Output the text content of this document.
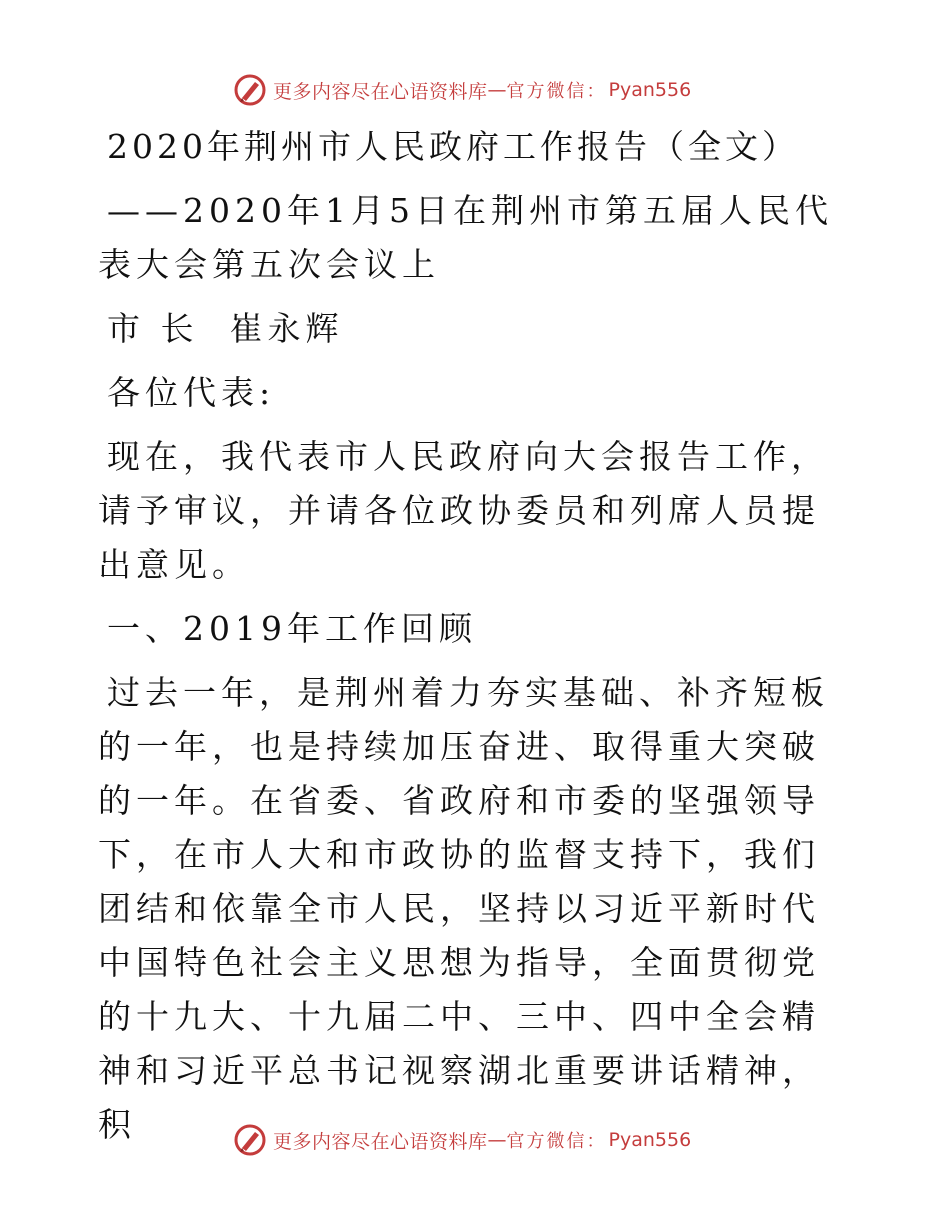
更多内容尽在心语资料库 — 官方微信： Pyan556

2020年荆州市人民政府工作报告（全文）

——2020年1月5日在荆州市第五届人民代表大会第五次会议上

市 长  崔永辉

各位代表:

现在，我代表市人民政府向大会报告工作，请予审议，并请各位政协委员和列席人员提出意见。

一、2019年工作回顾

过去一年，是荆州着力夯实基础、补齐短板的一年，也是持续加压奋进、取得重大突破的一年。在省委、省政府和市委的坚强领导下，在市人大和市政协的监督支持下，我们团结和依靠全市人民，坚持以习近平新时代中国特色社会主义思想为指导，全面贯彻党的十九大、十九届二中、三中、四中全会精神和习近平总书记视察湖北重要讲话精神，积	更多内容尽在心语资料库 — 官方微信： Pyan556
